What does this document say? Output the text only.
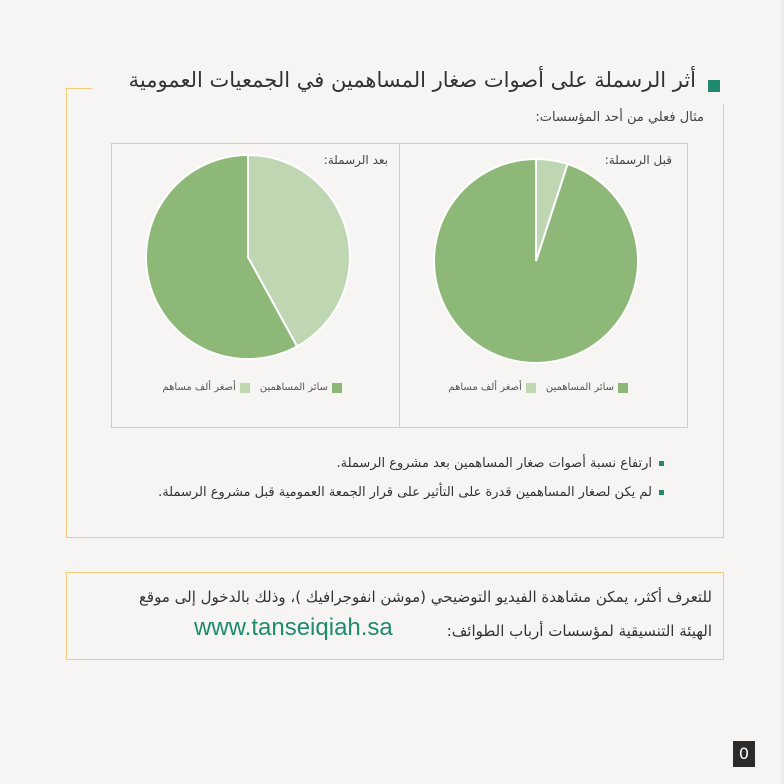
أثر الرسملة على أصوات صغار المساهمين في الجمعيات العمومية
مثال فعلي من أحد المؤسسات:
قبل الرسملة:
سائر المساهمين
أصغر ألف مساهم
بعد الرسملة:
سائر المساهمين
أصغر ألف مساهم
ارتفاع نسبة أصوات صغار المساهمين بعد مشروع الرسملة.
لم يكن لصغار المساهمين قدرة على التأثير على قرار الجمعة العمومية قبل مشروع الرسملة.
للتعرف أكثر، يمكن مشاهدة الفيديو التوضيحي (موشن انفوجرافيك )، وذلك بالدخول إلى موقع
الهيئة التنسيقية لمؤسسات أرباب الطوائف:
www.tanseiqiah.sa
0
